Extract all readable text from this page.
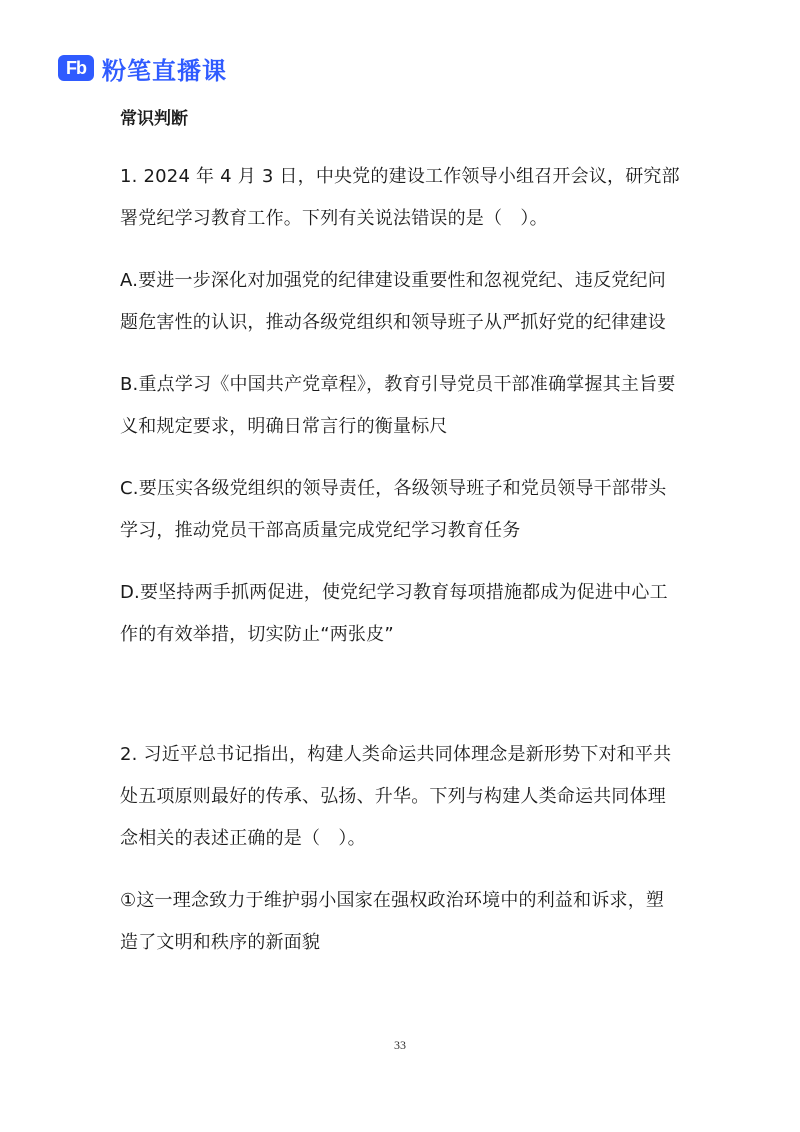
Fb 粉笔直播课
常识判断

1. 2024 年 4 月 3 日，中央党的建设工作领导小组召开会议，研究部署党纪学习教育工作。下列有关说法错误的是（　）。

A.要进一步深化对加强党的纪律建设重要性和忽视党纪、违反党纪问题危害性的认识，推动各级党组织和领导班子从严抓好党的纪律建设

B.重点学习《中国共产党章程》，教育引导党员干部准确掌握其主旨要义和规定要求，明确日常言行的衡量标尺

C.要压实各级党组织的领导责任，各级领导班子和党员领导干部带头学习，推动党员干部高质量完成党纪学习教育任务

D.要坚持两手抓两促进，使党纪学习教育每项措施都成为促进中心工作的有效举措，切实防止“两张皮”

2. 习近平总书记指出，构建人类命运共同体理念是新形势下对和平共处五项原则最好的传承、弘扬、升华。下列与构建人类命运共同体理念相关的表述正确的是（　）。

①这一理念致力于维护弱小国家在强权政治环境中的利益和诉求，塑造了文明和秩序的新面貌

33
